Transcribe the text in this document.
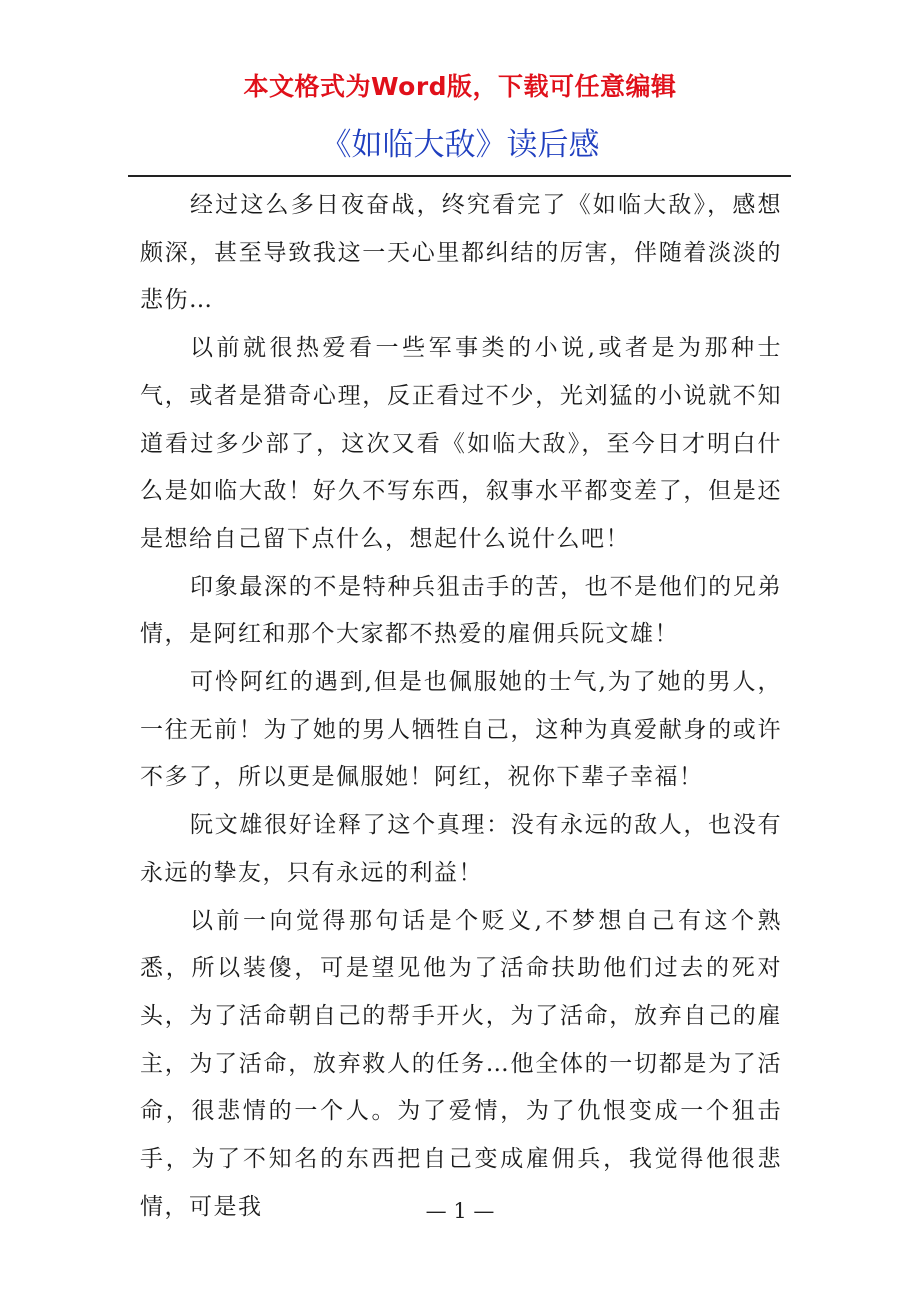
本文格式为Word版，下载可任意编辑
《如临大敌》读后感

经过这么多日夜奋战，终究看完了《如临大敌》，感想颇深，甚至导致我这一天心里都纠结的厉害，伴随着淡淡的悲伤…

以前就很热爱看一些军事类的小说,或者是为那种士气，或者是猎奇心理，反正看过不少，光刘猛的小说就不知道看过多少部了，这次又看《如临大敌》，至今日才明白什么是如临大敌！好久不写东西，叙事水平都变差了，但是还是想给自己留下点什么，想起什么说什么吧！

印象最深的不是特种兵狙击手的苦，也不是他们的兄弟情，是阿红和那个大家都不热爱的雇佣兵阮文雄！

可怜阿红的遇到,但是也佩服她的士气,为了她的男人，一往无前！为了她的男人牺牲自己，这种为真爱献身的或许不多了，所以更是佩服她！阿红，祝你下辈子幸福！

阮文雄很好诠释了这个真理：没有永远的敌人，也没有永远的挚友，只有永远的利益！

以前一向觉得那句话是个贬义,不梦想自己有这个熟悉，所以装傻，可是望见他为了活命扶助他们过去的死对头，为了活命朝自己的帮手开火，为了活命，放弃自己的雇主，为了活命，放弃救人的任务…他全体的一切都是为了活命，很悲情的一个人。为了爱情，为了仇恨变成一个狙击手，为了不知名的东西把自己变成雇佣兵，我觉得他很悲情，可是我	— 1 —
